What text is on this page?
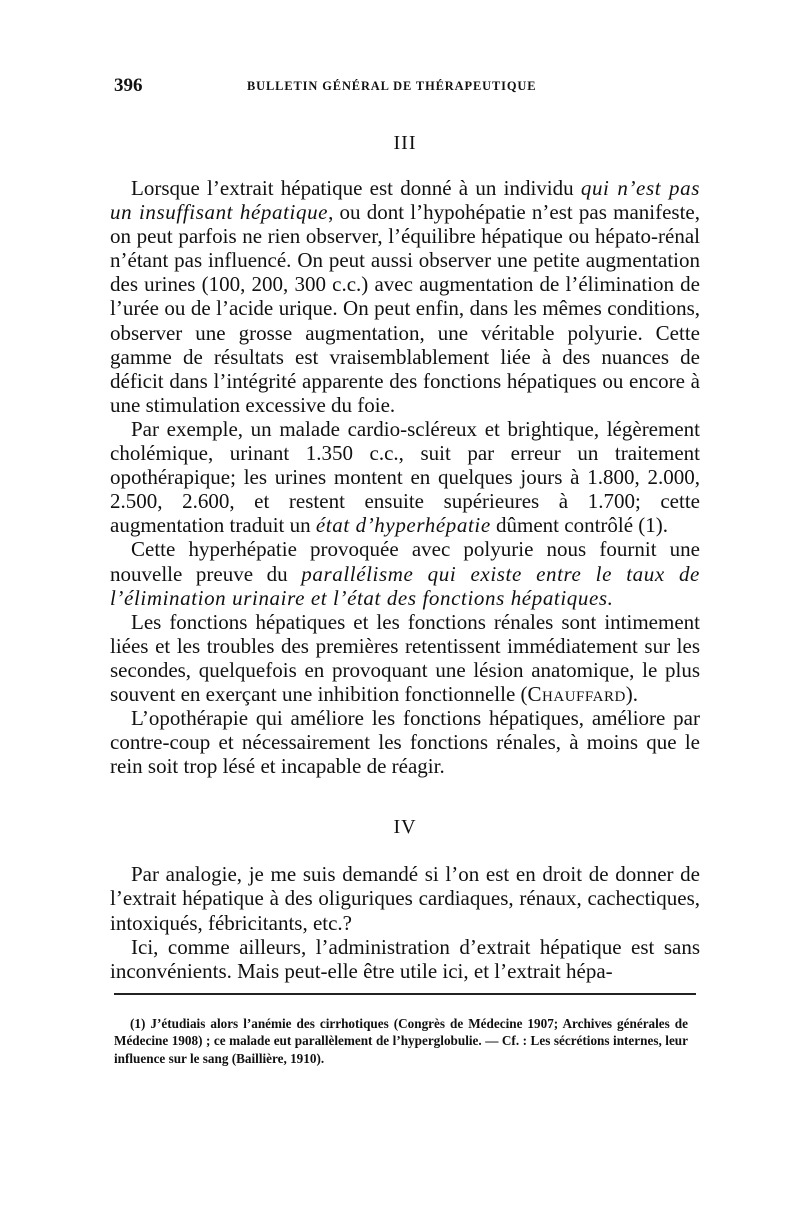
396	BULLETIN GÉNÉRAL DE THÉRAPEUTIQUE
III

Lorsque l’extrait hépatique est donné à un individu qui n’est pas un insuffisant hépatique, ou dont l’hypohépatie n’est pas manifeste, on peut parfois ne rien observer, l’équilibre hépatique ou hépato-rénal n’étant pas influencé. On peut aussi observer une petite augmentation des urines (100, 200, 300 c.c.) avec augmentation de l’élimination de l’urée ou de l’acide urique. On peut enfin, dans les mêmes conditions, observer une grosse augmentation, une véritable polyurie. Cette gamme de résultats est vraisemblablement liée à des nuances de déficit dans l’intégrité apparente des fonctions hépatiques ou encore à une stimulation excessive du foie.

Par exemple, un malade cardio-scléreux et brightique, légèrement cholémique, urinant 1.350 c.c., suit par erreur un traitement opothérapique; les urines montent en quelques jours à 1.800, 2.000, 2.500, 2.600, et restent ensuite supérieures à 1.700; cette augmentation traduit un état d’hyperhépatie dûment contrôlé (1).

Cette hyperhépatie provoquée avec polyurie nous fournit une nouvelle preuve du parallélisme qui existe entre le taux de l’élimination urinaire et l’état des fonctions hépatiques.

Les fonctions hépatiques et les fonctions rénales sont intimement liées et les troubles des premières retentissent immédiatement sur les secondes, quelquefois en provoquant une lésion anatomique, le plus souvent en exerçant une inhibition fonctionnelle (Chauffard).

L’opothérapie qui améliore les fonctions hépatiques, améliore par contre-coup et nécessairement les fonctions rénales, à moins que le rein soit trop lésé et incapable de réagir.

IV

Par analogie, je me suis demandé si l’on est en droit de donner de l’extrait hépatique à des oliguriques cardiaques, rénaux, cachectiques, intoxiqués, fébricitants, etc.?

Ici, comme ailleurs, l’administration d’extrait hépatique est sans inconvénients. Mais peut-elle être utile ici, et l’extrait hépa-

(1) J’étudiais alors l’anémie des cirrhotiques (Congrès de Médecine 1907; Archives générales de Médecine 1908) ; ce malade eut parallèlement de l’hyperglobulie. — Cf. : Les sécrétions internes, leur influence sur le sang (Baillière, 1910).
